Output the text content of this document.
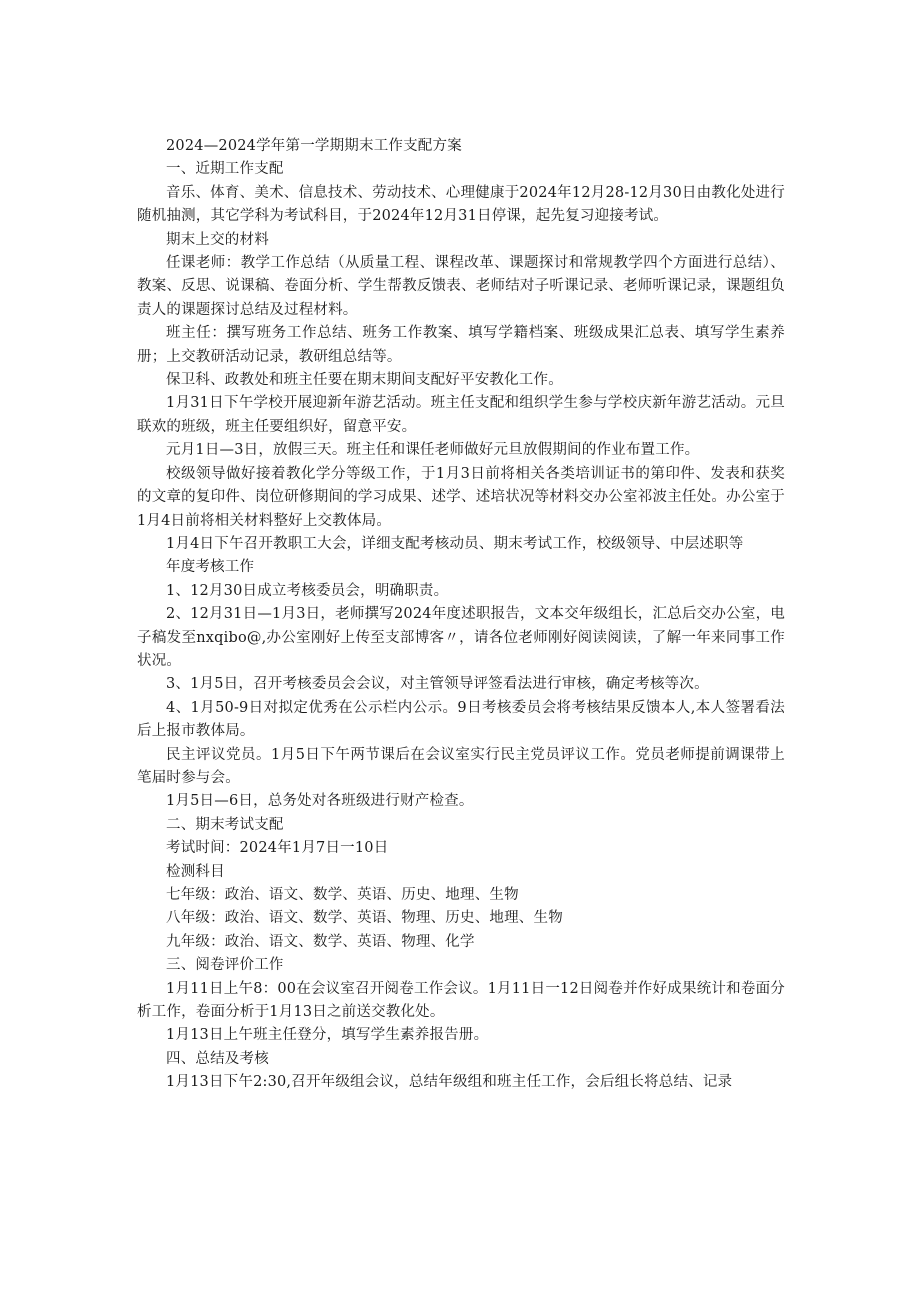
2024—2024学年第一学期期末工作支配方案

一、近期工作支配

音乐、体育、美术、信息技术、劳动技术、心理健康于2024年12月28-12月30日由教化处进行随机抽测，其它学科为考试科目，于2024年12月31日停课，起先复习迎接考试。

期末上交的材料

任课老师：教学工作总结（从质量工程、课程改革、课题探讨和常规教学四个方面进行总结）、教案、反思、说课稿、卷面分析、学生帮教反馈表、老师结对子听课记录、老师听课记录，课题组负责人的课题探讨总结及过程材料。

班主任：撰写班务工作总结、班务工作教案、填写学籍档案、班级成果汇总表、填写学生素养册；上交教研活动记录，教研组总结等。

保卫科、政教处和班主任要在期末期间支配好平安教化工作。

1月31日下午学校开展迎新年游艺活动。班主任支配和组织学生参与学校庆新年游艺活动。元旦联欢的班级，班主任要组织好，留意平安。

元月1日—3日，放假三天。班主任和课任老师做好元旦放假期间的作业布置工作。

校级领导做好接着教化学分等级工作，于1月3日前将相关各类培训证书的第印件、发表和获奖的文章的复印件、岗位研修期间的学习成果、述学、述培状况等材料交办公室祁波主任处。办公室于1月4日前将相关材料整好上交教体局。

1月4日下午召开教职工大会，详细支配考核动员、期末考试工作，校级领导、中层述职等

年度考核工作

1、12月30日成立考核委员会，明确职责。

2、12月31日—1月3日，老师撰写2024年度述职报告，文本交年级组长，汇总后交办公室，电子稿发至nxqibo@,办公室刚好上传至支部博客〃，请各位老师刚好阅读阅读，了解一年来同事工作状况。

3、1月5日，召开考核委员会会议，对主管领导评签看法进行审核，确定考核等次。

4、1月50-9日对拟定优秀在公示栏内公示。9日考核委员会将考核结果反馈本人,本人签署看法后上报市教体局。

民主评议党员。1月5日下午两节课后在会议室实行民主党员评议工作。党员老师提前调课带上笔届时参与会。

1月5日—6日，总务处对各班级进行财产检查。

二、期末考试支配

考试时间：2024年1月7日一10日

检测科目

七年级：政治、语文、数学、英语、历史、地理、生物

八年级：政治、语文、数学、英语、物理、历史、地理、生物

九年级：政治、语文、数学、英语、物理、化学

三、阅卷评价工作

1月11日上午8：00在会议室召开阅卷工作会议。1月11日一12日阅卷并作好成果统计和卷面分析工作，卷面分析于1月13日之前送交教化处。

1月13日上午班主任登分，填写学生素养报告册。

四、总结及考核

1月13日下午2:30,召开年级组会议，总结年级组和班主任工作，会后组长将总结、记录
